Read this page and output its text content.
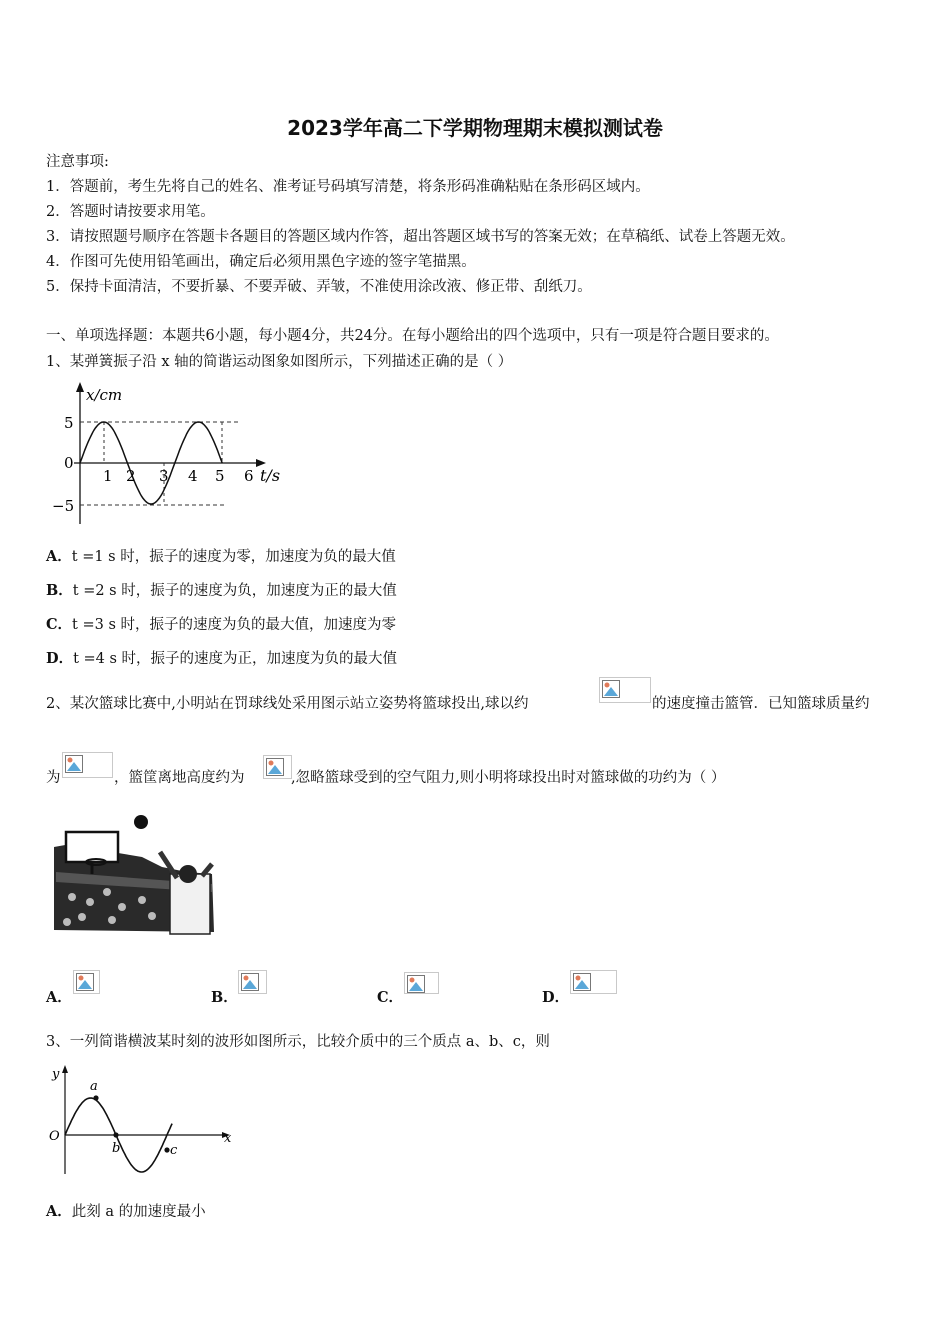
2023学年高二下学期物理期末模拟测试卷
注意事项:
1．答题前，考生先将自己的姓名、准考证号码填写清楚，将条形码准确粘贴在条形码区域内。
2．答题时请按要求用笔。
3．请按照题号顺序在答题卡各题目的答题区域内作答，超出答题区域书写的答案无效；在草稿纸、试卷上答题无效。
4．作图可先使用铅笔画出，确定后必须用黑色字迹的签字笔描黑。
5．保持卡面清洁，不要折暴、不要弄破、弄皱，不准使用涂改液、修正带、刮纸刀。
一、单项选择题：本题共6小题，每小题4分，共24分。在每小题给出的四个选项中，只有一项是符合题目要求的。
1、某弹簧振子沿 x 轴的简谐运动图象如图所示，下列描述正确的是（ ）
x/cm
5
0
−5
1 2 3 4 5 6 t/s
A．t =1 s 时，振子的速度为零，加速度为负的最大值
B．t =2 s 时，振子的速度为负，加速度为正的最大值
C．t =3 s 时，振子的速度为负的最大值，加速度为零
D．t =4 s 时，振子的速度为正，加速度为负的最大值
2、某次篮球比赛中,小明站在罚球线处采用图示站立姿势将篮球投出,球以约	的速度撞击篮管．已知篮球质量约
为	，篮筐离地高度约为	,忽略篮球受到的空气阻力,则小明将球投出时对篮球做的功约为（ ）
A．	B．	C．	D．
3、一列简谐横波某时刻的波形如图所示，比较介质中的三个质点 a、b、c，则
y
x
O
a
b	c
A．此刻 a 的加速度最小
